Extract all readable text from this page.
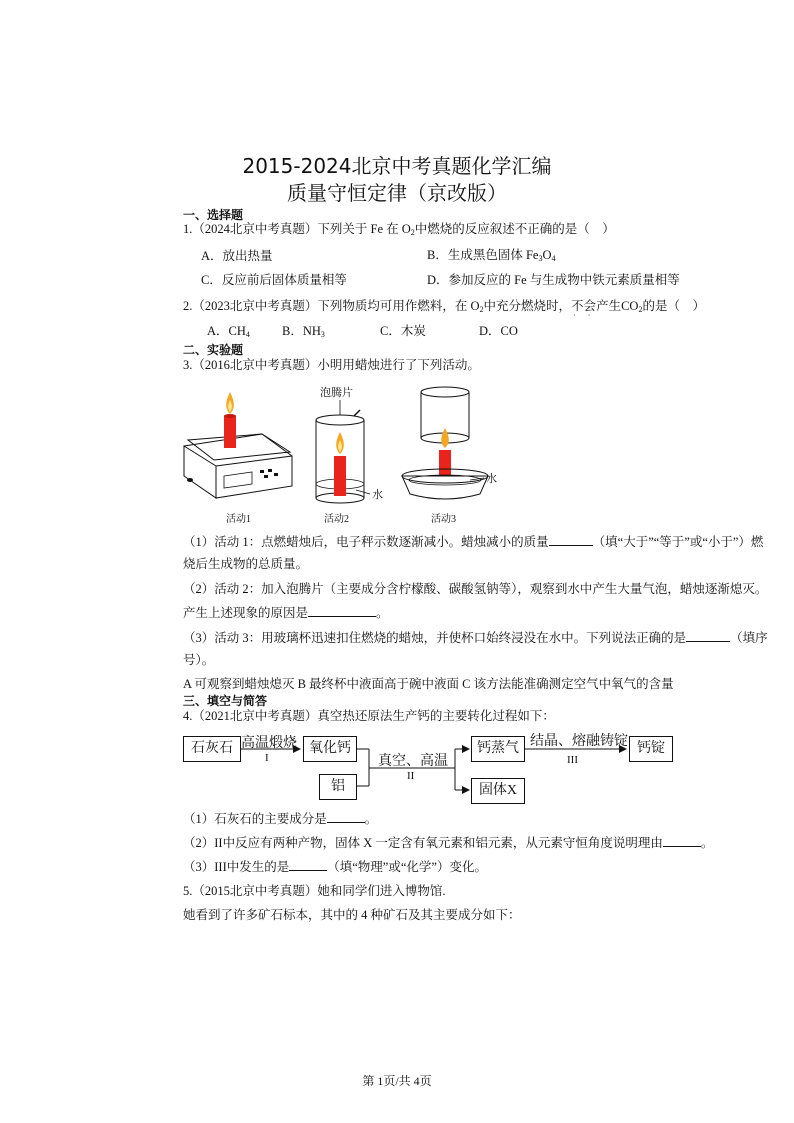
2015-2024北京中考真题化学汇编
质量守恒定律（京改版）
一、选择题
1.（2024北京中考真题）下列关于 Fe 在 $O_2$中燃烧的反应叙述不正确的是（　）
A．放出热量	B．生成黑色固体 $Fe_3O_4$
C．反应前后固体质量相等	D．参加反应的 Fe 与生成物中铁元素质量相等
2.（2023北京中考真题）下列物质均可用作燃料，在 $O_2$中充分燃烧时，不会 · ·产生$CO_2$的是（　）
A．$CH_4$	B．$NH_3$	C．木炭	D．CO
二、实验题
3.（2016北京中考真题）小明用蜡烛进行了下列活动。
泡腾片
水
水
活动1	活动2	活动3
（1）活动 1：点燃蜡烛后，电子秤示数逐渐减小。蜡烛减小的质量	（填“大于”“等于”或“小于”）燃
烧后生成物的总质量。
（2）活动 2：加入泡腾片（主要成分含柠檬酸、碳酸氢钠等），观察到水中产生大量气泡，蜡烛逐渐熄灭。
产生上述现象的原因是	。
（3）活动 3：用玻璃杯迅速扣住燃烧的蜡烛，并使杯口始终浸没在水中。下列说法正确的是	（填序
号）。
A 可观察到蜡烛熄灭 B 最终杯中液面高于碗中液面 C 该方法能准确测定空气中氧气的含量
三、填空与简答
4.（2021北京中考真题）真空热还原法生产钙的主要转化过程如下：
石灰石 高温煅烧
I
氧化钙
铝
真空、高温
II
钙蒸气
固体X
结晶、熔融铸锭
III
钙锭
（1）石灰石的主要成分是	。
（2）II中反应有两种产物，固体 X 一定含有氧元素和铝元素，从元素守恒角度说明理由	。
（3）III中发生的是	（填“物理”或“化学”）变化。
5.（2015北京中考真题）她和同学们进入博物馆.
她看到了许多矿石标本，其中的 4 种矿石及其主要成分如下：
第 1页/共 4页
